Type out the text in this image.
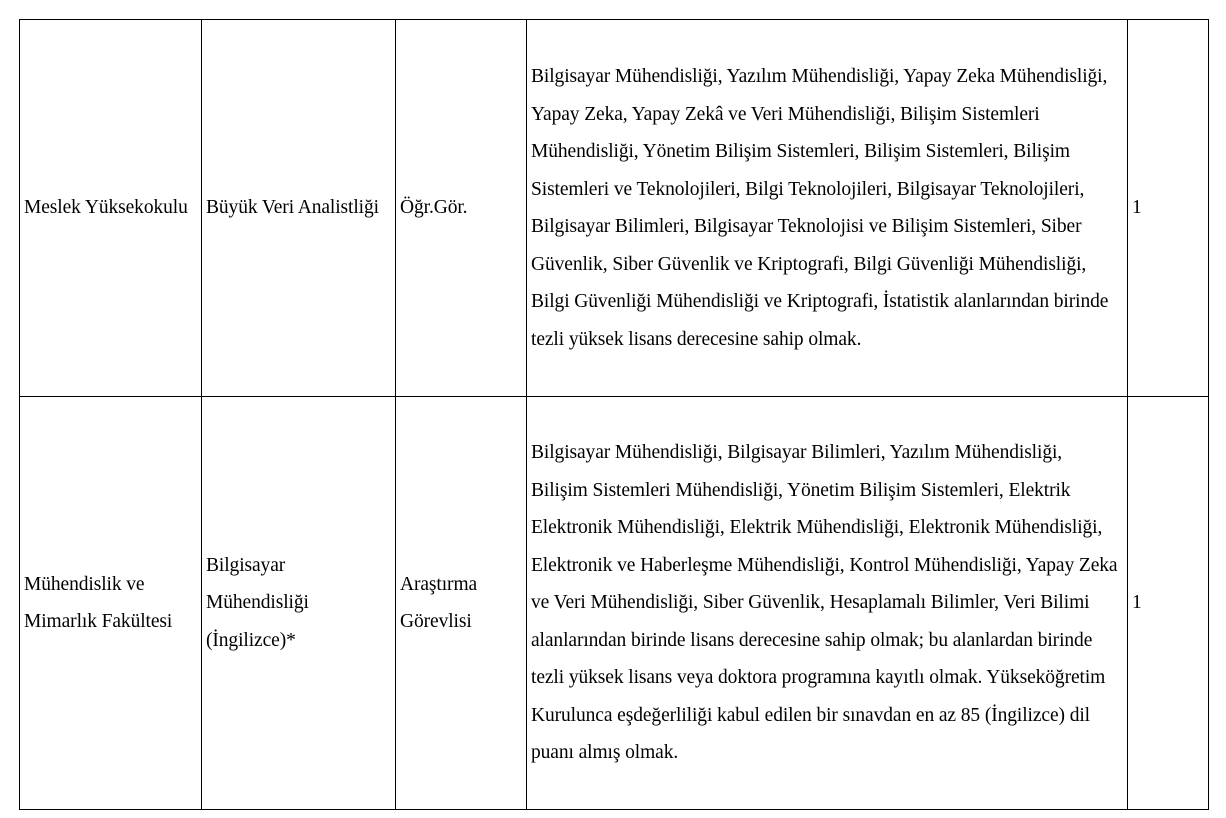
Meslek Yüksekokulu	Büyük Veri Analistliği	Öğr.Gör.	Bilgisayar Mühendisliği, Yazılım Mühendisliği, Yapay Zeka Mühendisliği, Yapay Zeka, Yapay Zekâ ve Veri Mühendisliği, Bilişim Sistemleri Mühendisliği, Yönetim Bilişim Sistemleri, Bilişim Sistemleri, Bilişim Sistemleri ve Teknolojileri, Bilgi Teknolojileri, Bilgisayar Teknolojileri, Bilgisayar Bilimleri, Bilgisayar Teknolojisi ve Bilişim Sistemleri, Siber Güvenlik, Siber Güvenlik ve Kriptografi, Bilgi Güvenliği Mühendisliği, Bilgi Güvenliği Mühendisliği ve Kriptografi, İstatistik alanlarından birinde tezli yüksek lisans derecesine sahip olmak.	1
Mühendislik ve Mimarlık Fakültesi	Bilgisayar Mühendisliği (İngilizce)*	Araştırma Görevlisi	Bilgisayar Mühendisliği, Bilgisayar Bilimleri, Yazılım Mühendisliği, Bilişim Sistemleri Mühendisliği, Yönetim Bilişim Sistemleri, Elektrik Elektronik Mühendisliği, Elektrik Mühendisliği, Elektronik Mühendisliği, Elektronik ve Haberleşme Mühendisliği, Kontrol Mühendisliği, Yapay Zeka ve Veri Mühendisliği, Siber Güvenlik, Hesaplamalı Bilimler, Veri Bilimi alanlarından birinde lisans derecesine sahip olmak; bu alanlardan birinde tezli yüksek lisans veya doktora programına kayıtlı olmak. Yükseköğretim Kurulunca eşdeğerliliği kabul edilen bir sınavdan en az 85 (İngilizce) dil puanı almış olmak.	1
